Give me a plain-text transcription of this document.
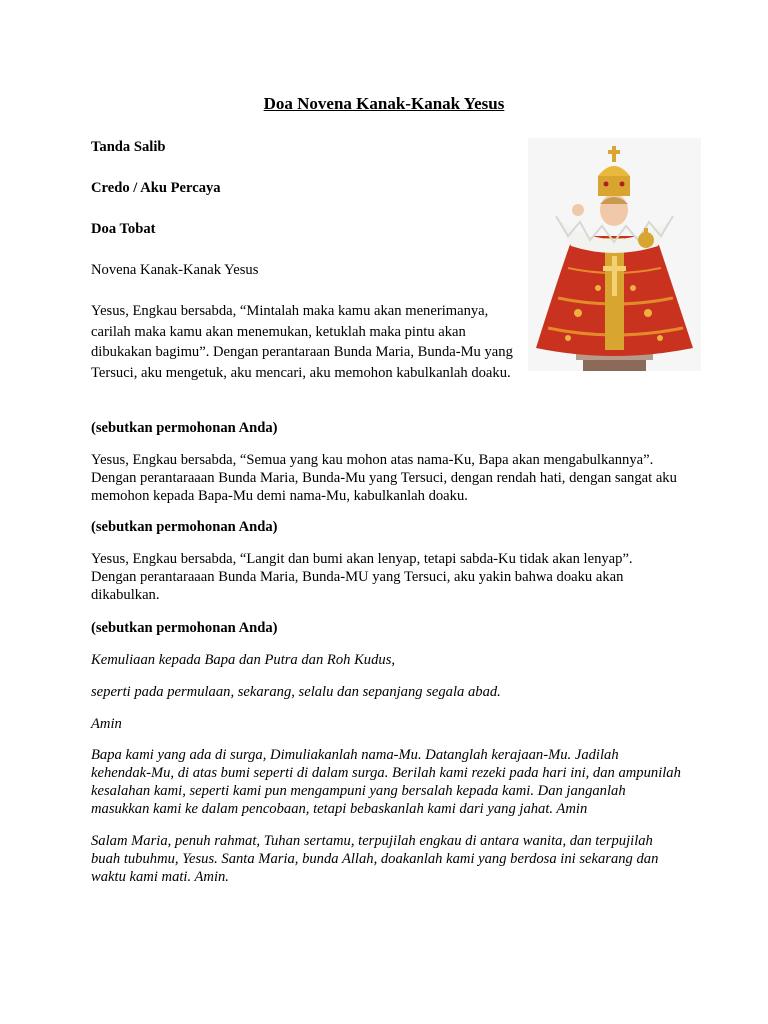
Doa Novena Kanak-Kanak Yesus

Tanda Salib

Credo / Aku Percaya

Doa Tobat

Novena Kanak-Kanak Yesus

Yesus, Engkau bersabda, “Mintalah maka kamu akan menerimanya, carilah maka kamu akan menemukan, ketuklah maka pintu akan dibukakan bagimu”. Dengan perantaraan Bunda Maria, Bunda-Mu yang Tersuci, aku mengetuk, aku mencari, aku memohon kabulkanlah doaku.

(sebutkan permohonan Anda)

Yesus, Engkau bersabda, “Semua yang kau mohon atas nama-Ku, Bapa akan mengabulkannya”. Dengan perantaraaan Bunda Maria, Bunda-Mu yang Tersuci, dengan rendah hati, dengan sangat aku memohon kepada Bapa-Mu demi nama-Mu, kabulkanlah doaku.

(sebutkan permohonan Anda)

Yesus, Engkau bersabda, “Langit dan bumi akan lenyap, tetapi sabda-Ku tidak akan lenyap”. Dengan perantaraaan Bunda Maria, Bunda-MU yang Tersuci, aku yakin bahwa doaku akan dikabulkan.

(sebutkan permohonan Anda)

Kemuliaan kepada Bapa dan Putra dan Roh Kudus,

seperti pada permulaan, sekarang, selalu dan sepanjang segala abad.

Amin

Bapa kami yang ada di surga, Dimuliakanlah nama-Mu. Datanglah kerajaan-Mu. Jadilah kehendak-Mu, di atas bumi seperti di dalam surga. Berilah kami rezeki pada hari ini, dan ampunilah kesalahan kami, seperti kami pun mengampuni yang bersalah kepada kami. Dan janganlah masukkan kami ke dalam pencobaan, tetapi bebaskanlah kami dari yang jahat. Amin

Salam Maria, penuh rahmat, Tuhan sertamu, terpujilah engkau di antara wanita, dan terpujilah buah tubuhmu, Yesus. Santa Maria, bunda Allah, doakanlah kami yang berdosa ini sekarang dan waktu kami mati. Amin.
